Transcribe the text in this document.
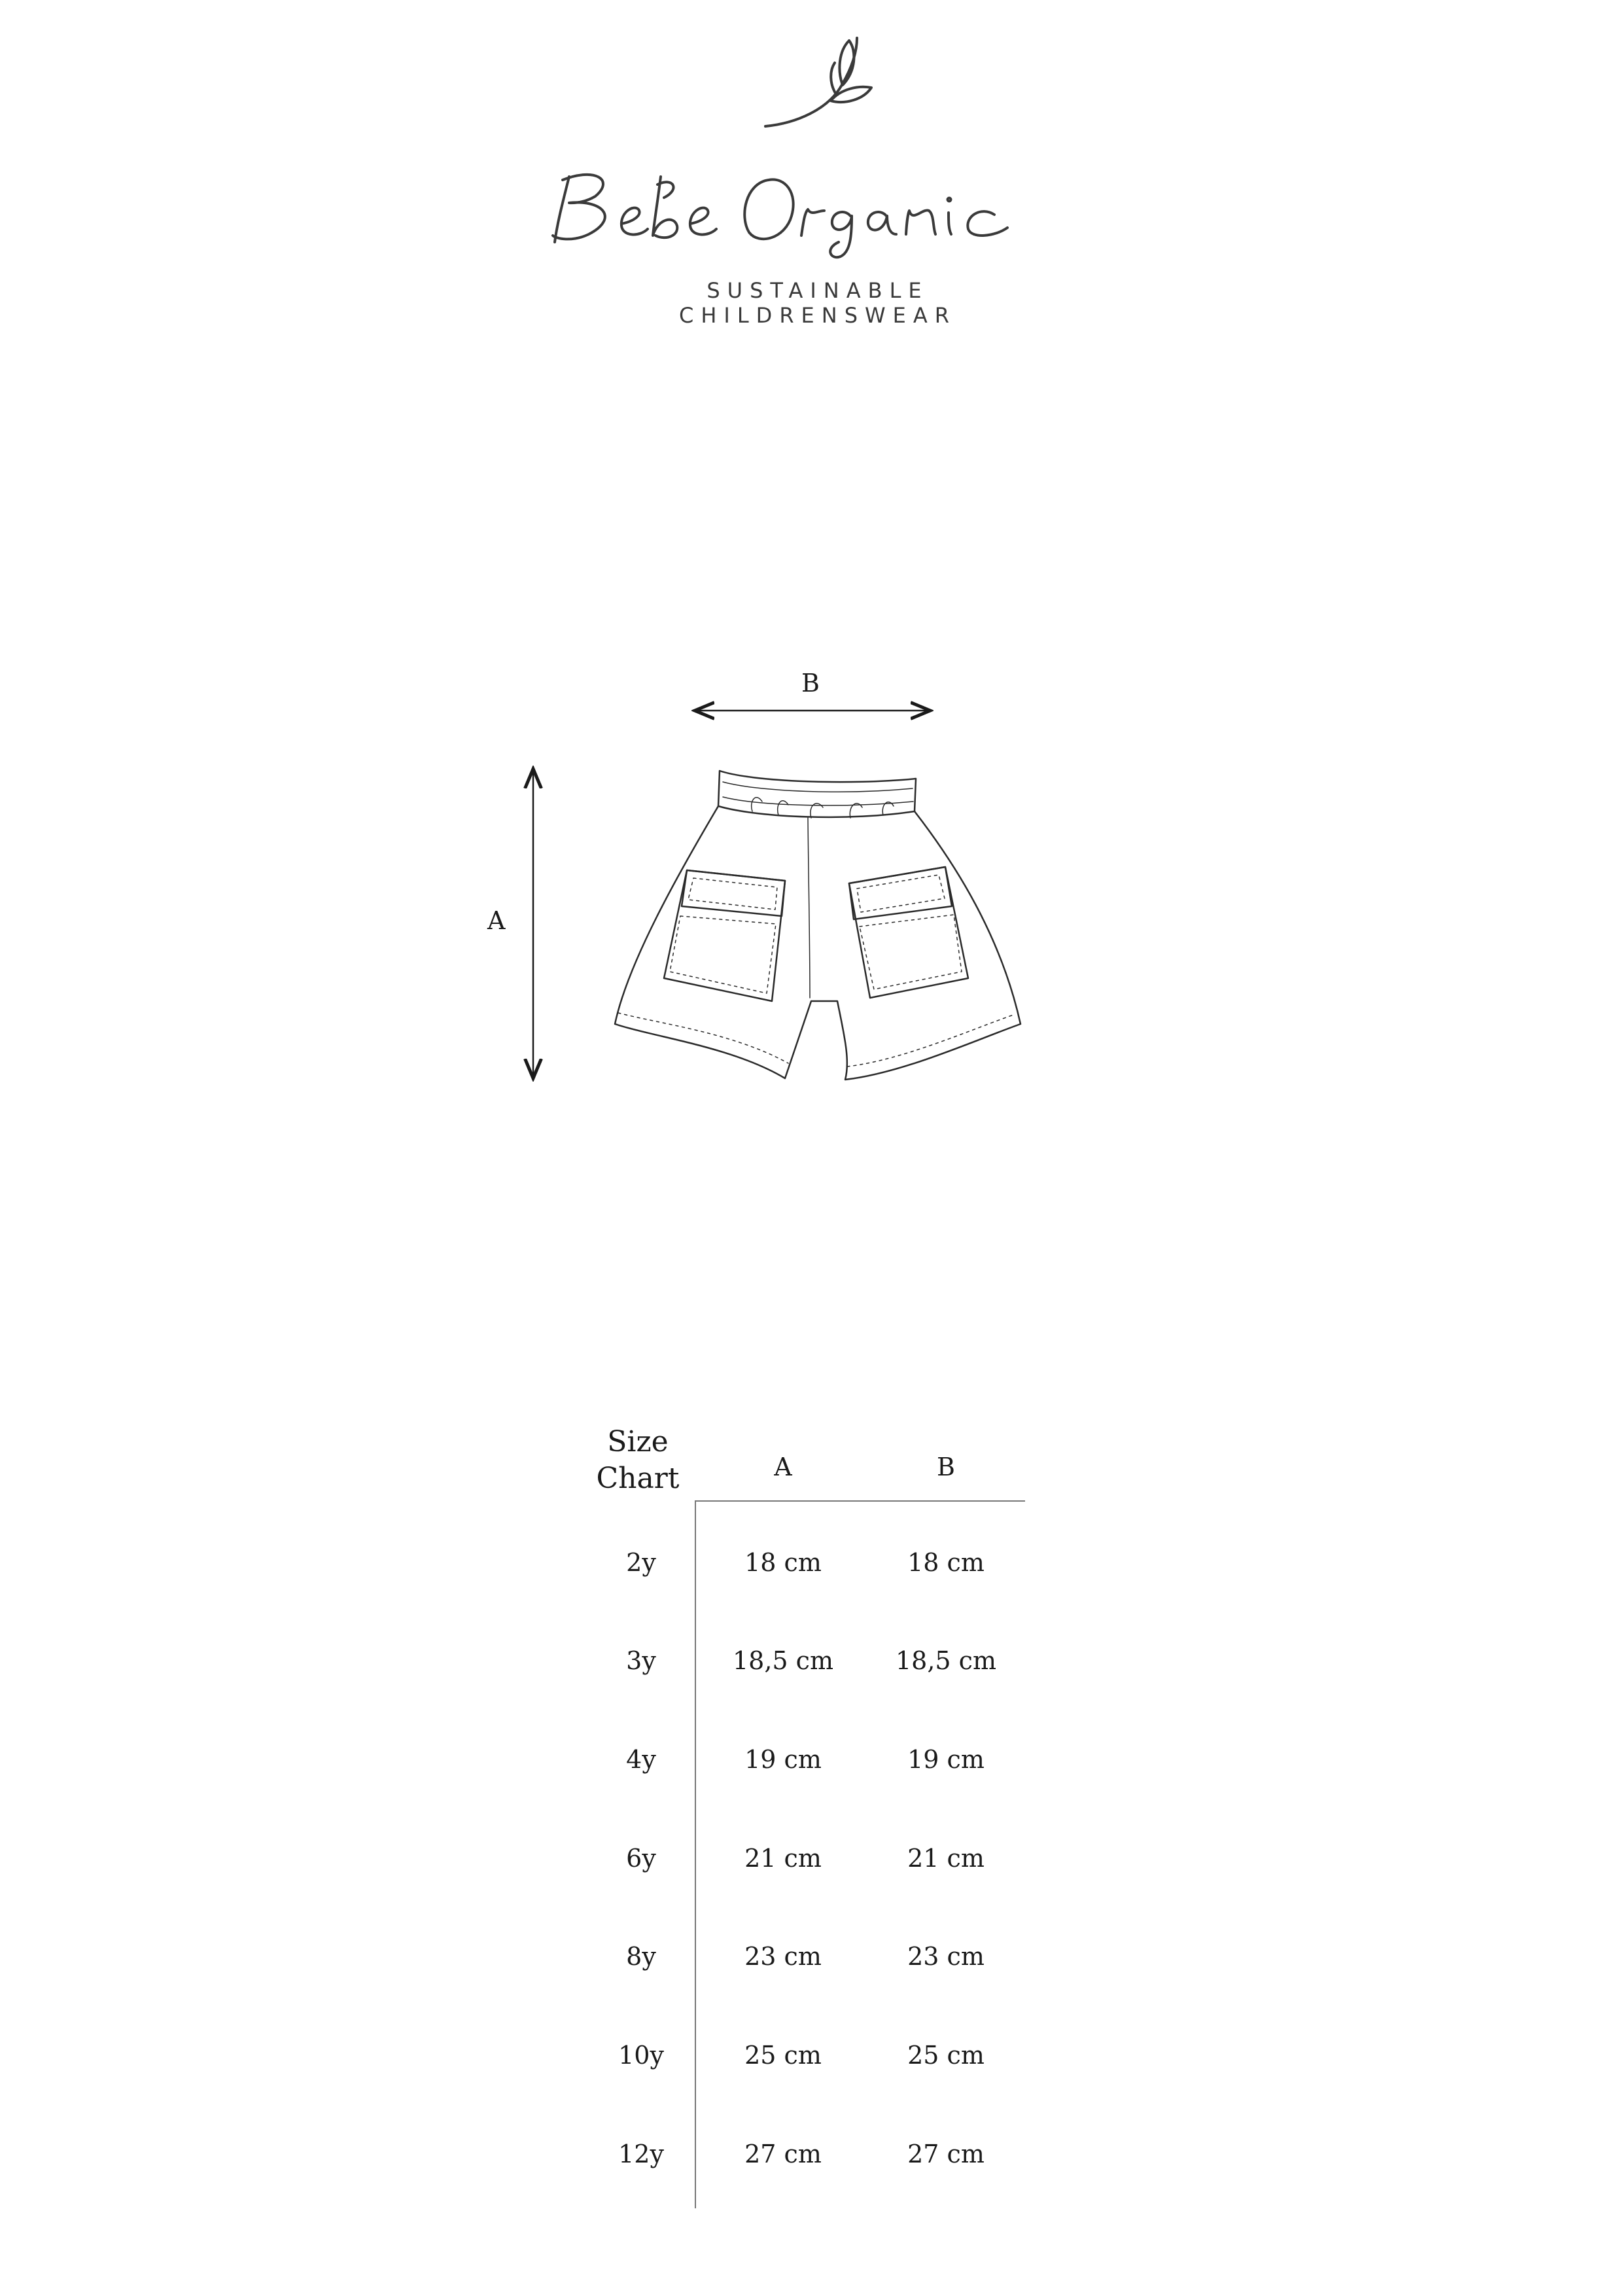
SUSTAINABLE CHILDRENSWEAR
B
A
Size Chart	A	B
2y	18 cm	18 cm
3y	18,5 cm 18,5 cm
4y	19 cm	19 cm
6y	21 cm	21 cm
8y	23 cm	23 cm
10y	25 cm	25 cm
12y	27 cm	27 cm
